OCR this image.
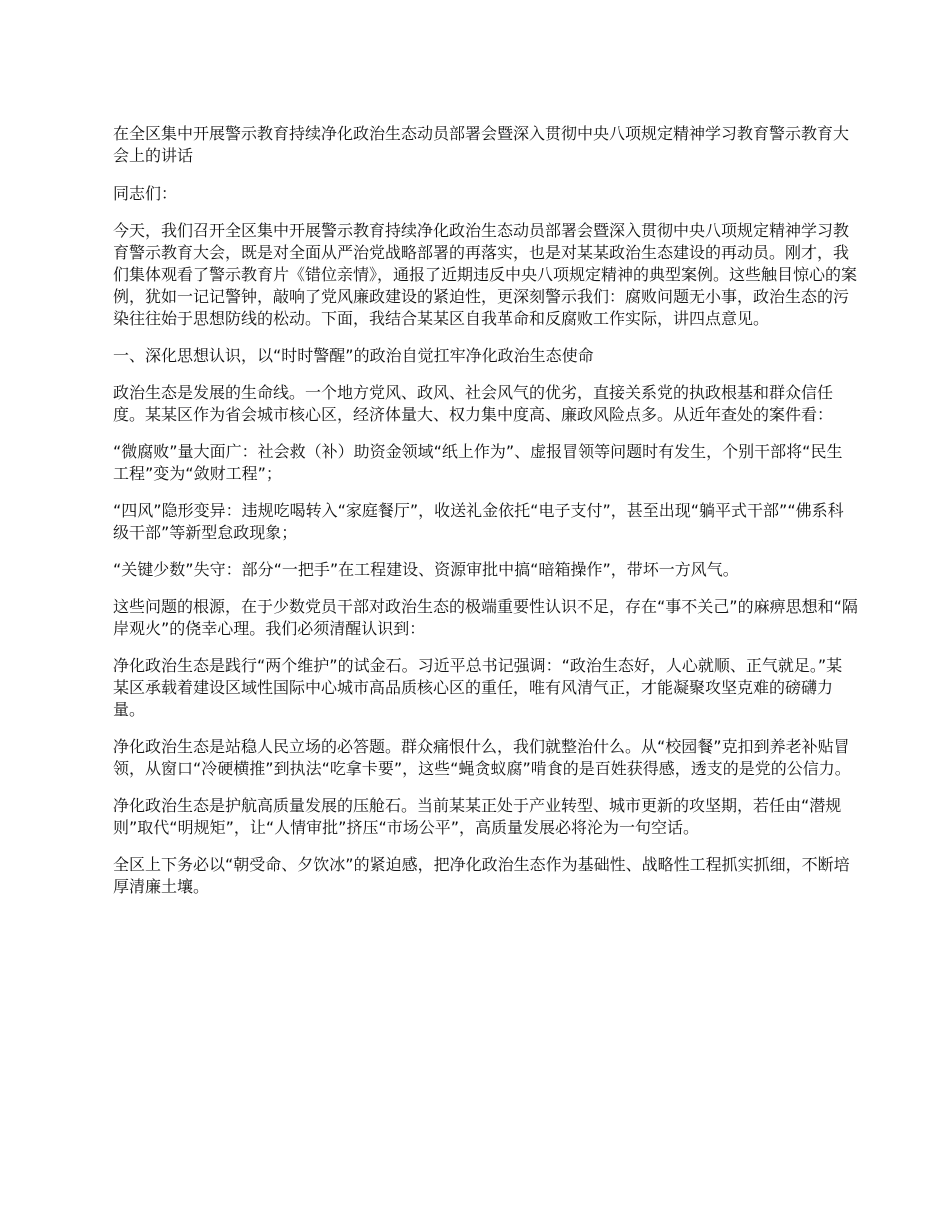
在全区集中开展警示教育持续净化政治生态动员部署会暨深入贯彻中央八项规定精神学习教育警示教育大会上的讲话

同志们：

今天，我们召开全区集中开展警示教育持续净化政治生态动员部署会暨深入贯彻中央八项规定精神学习教育警示教育大会，既是对全面从严治党战略部署的再落实，也是对某某政治生态建设的再动员。刚才，我们集体观看了警示教育片《错位亲情》，通报了近期违反中央八项规定精神的典型案例。这些触目惊心的案例，犹如一记记警钟，敲响了党风廉政建设的紧迫性，更深刻警示我们：腐败问题无小事，政治生态的污染往往始于思想防线的松动。下面，我结合某某区自我革命和反腐败工作实际，讲四点意见。

一、深化思想认识，以“时时警醒”的政治自觉扛牢净化政治生态使命

政治生态是发展的生命线。一个地方党风、政风、社会风气的优劣，直接关系党的执政根基和群众信任度。某某区作为省会城市核心区，经济体量大、权力集中度高、廉政风险点多。从近年查处的案件看：

“微腐败”量大面广：社会救（补）助资金领域“纸上作为”、虚报冒领等问题时有发生，个别干部将“民生工程”变为“敛财工程”；

“四风”隐形变异：违规吃喝转入“家庭餐厅”，收送礼金依托“电子支付”，甚至出现“躺平式干部”“佛系科级干部”等新型怠政现象；

“关键少数”失守：部分“一把手”在工程建设、资源审批中搞“暗箱操作”，带坏一方风气。

这些问题的根源，在于少数党员干部对政治生态的极端重要性认识不足，存在“事不关己”的麻痹思想和“隔岸观火”的侥幸心理。我们必须清醒认识到：

净化政治生态是践行“两个维护”的试金石。习近平总书记强调：“政治生态好，人心就顺、正气就足。”某某区承载着建设区域性国际中心城市高品质核心区的重任，唯有风清气正，才能凝聚攻坚克难的磅礴力量。

净化政治生态是站稳人民立场的必答题。群众痛恨什么，我们就整治什么。从“校园餐”克扣到养老补贴冒领，从窗口“冷硬横推”到执法“吃拿卡要”，这些“蝇贪蚁腐”啃食的是百姓获得感，透支的是党的公信力。

净化政治生态是护航高质量发展的压舱石。当前某某正处于产业转型、城市更新的攻坚期，若任由“潜规则”取代“明规矩”，让“人情审批”挤压“市场公平”，高质量发展必将沦为一句空话。

全区上下务必以“朝受命、夕饮冰”的紧迫感，把净化政治生态作为基础性、战略性工程抓实抓细，不断培厚清廉土壤。
